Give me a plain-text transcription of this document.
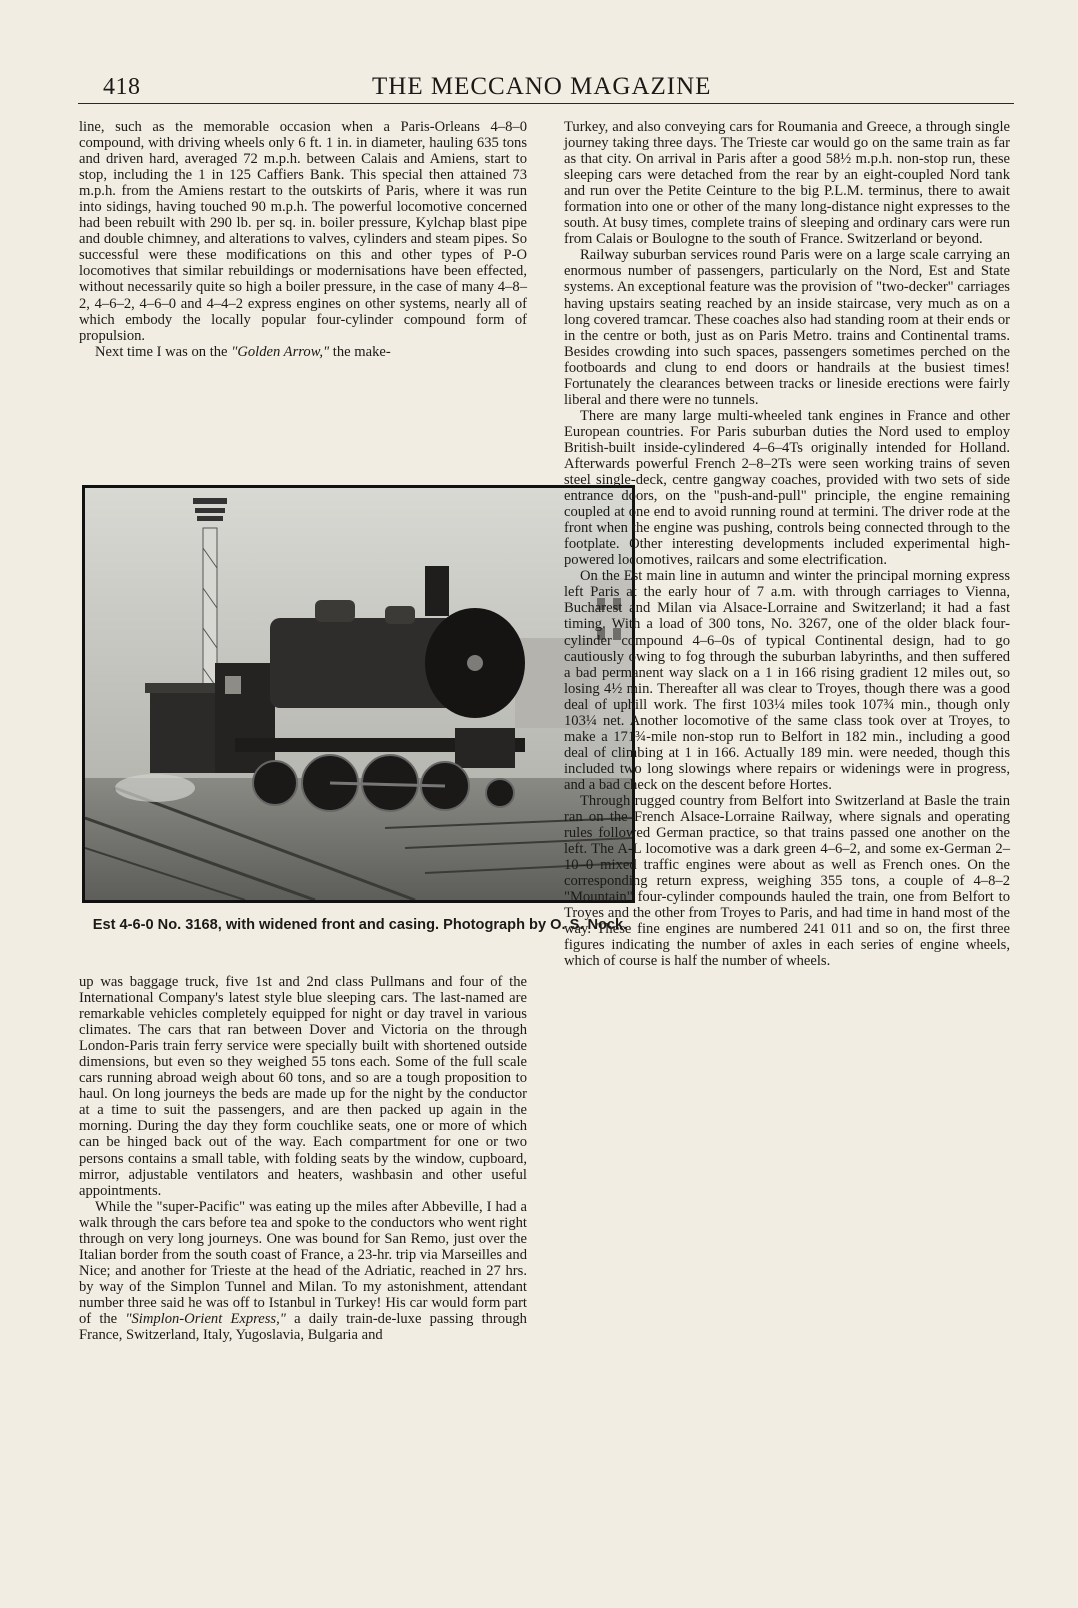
418	THE MECCANO MAGAZINE

line, such as the memorable occasion when a Paris-Orleans 4–8–0 compound, with driving wheels only 6 ft. 1 in. in diameter, hauling 635 tons and driven hard, averaged 72 m.p.h. between Calais and Amiens, start to stop, including the 1 in 125 Caffiers Bank. This special then attained 73 m.p.h. from the Amiens restart to the outskirts of Paris, where it was run into sidings, having touched 90 m.p.h. The powerful locomotive concerned had been rebuilt with 290 lb. per sq. in. boiler pressure, Kylchap blast pipe and double chimney, and alterations to valves, cylinders and steam pipes. So successful were these modifications on this and other types of P-O locomotives that similar rebuildings or modernisations have been effected, without necessarily quite so high a boiler pressure, in the case of many 4–8–2, 4–6–2, 4–6–0 and 4–4–2 express engines on other systems, nearly all of which embody the locally popular four-cylinder compound form of propulsion.

Next time I was on the "Golden Arrow," the make-

Est 4-6-0 No. 3168, with widened front and casing. Photograph by O. S. Nock.

up was baggage truck, five 1st and 2nd class Pullmans and four of the International Company's latest style blue sleeping cars. The last-named are remarkable vehicles completely equipped for night or day travel in various climates. The cars that ran between Dover and Victoria on the through London-Paris train ferry service were specially built with shortened outside dimensions, but even so they weighed 55 tons each. Some of the full scale cars running abroad weigh about 60 tons, and so are a tough proposition to haul. On long journeys the beds are made up for the night by the conductor at a time to suit the passengers, and are then packed up again in the morning. During the day they form couchlike seats, one or more of which can be hinged back out of the way. Each compartment for one or two persons contains a small table, with folding seats by the window, cupboard, mirror, adjustable ventilators and heaters, washbasin and other useful appointments.

While the "super-Pacific" was eating up the miles after Abbeville, I had a walk through the cars before tea and spoke to the conductors who went right through on very long journeys. One was bound for San Remo, just over the Italian border from the south coast of France, a 23-hr. trip via Marseilles and Nice; and another for Trieste at the head of the Adriatic, reached in 27 hrs. by way of the Simplon Tunnel and Milan. To my astonishment, attendant number three said he was off to Istanbul in Turkey! His car would form part of the "Simplon-Orient Express," a daily train-de-luxe passing through France, Switzerland, Italy, Yugoslavia, Bulgaria and

Turkey, and also conveying cars for Roumania and Greece, a through single journey taking three days. The Trieste car would go on the same train as far as that city. On arrival in Paris after a good 58½ m.p.h. non-stop run, these sleeping cars were detached from the rear by an eight-coupled Nord tank and run over the Petite Ceinture to the big P.L.M. terminus, there to await formation into one or other of the many long-distance night expresses to the south. At busy times, complete trains of sleeping and ordinary cars were run from Calais or Boulogne to the south of France. Switzerland or beyond.

Railway suburban services round Paris were on a large scale carrying an enormous number of passengers, particularly on the Nord, Est and State systems. An exceptional feature was the provision of "two-decker" carriages having upstairs seating reached by an inside staircase, very much as on a long covered tramcar. These coaches also had standing room at their ends or in the centre or both, just as on Paris Metro. trains and Continental trams. Besides crowding into such spaces, passengers sometimes perched on the footboards and clung to end doors or handrails at the busiest times! Fortunately the clearances between tracks or lineside erections were fairly liberal and there were no tunnels.

There are many large multi-wheeled tank engines in France and other European countries. For Paris suburban duties the Nord used to employ British-built inside-cylindered 4–6–4Ts originally intended for Holland. Afterwards powerful French 2–8–2Ts were seen working trains of seven steel single-deck, centre gangway coaches, provided with two sets of side entrance doors, on the "push-and-pull" principle, the engine remaining coupled at one end to avoid running round at termini. The driver rode at the front when the engine was pushing, controls being connected through to the footplate. Other interesting developments included experimental high-powered locomotives, railcars and some electrification.

On the Est main line in autumn and winter the principal morning express left Paris at the early hour of 7 a.m. with through carriages to Vienna, Bucharest and Milan via Alsace-Lorraine and Switzerland; it had a fast timing. With a load of 300 tons, No. 3267, one of the older black four-cylinder compound 4–6–0s of typical Continental design, had to go cautiously owing to fog through the suburban labyrinths, and then suffered a bad permanent way slack on a 1 in 166 rising gradient 12 miles out, so losing 4½ min. Thereafter all was clear to Troyes, though there was a good deal of uphill work. The first 103¼ miles took 107¾ min., though only 103¼ net. Another locomotive of the same class took over at Troyes, to make a 171¾-mile non-stop run to Belfort in 182 min., including a good deal of climbing at 1 in 166. Actually 189 min. were needed, though this included two long slowings where repairs or widenings were in progress, and a bad check on the descent before Hortes.

Through rugged country from Belfort into Switzerland at Basle the train ran on the French Alsace-Lorraine Railway, where signals and operating rules followed German practice, so that trains passed one another on the left. The A-L locomotive was a dark green 4–6–2, and some ex-German 2–10–0 mixed traffic engines were about as well as French ones. On the corresponding return express, weighing 355 tons, a couple of 4–8–2 "Mountain" four-cylinder compounds hauled the train, one from Belfort to Troyes and the other from Troyes to Paris, and had time in hand most of the way. These fine engines are numbered 241 011 and so on, the first three figures indicating the number of axles in each series of engine wheels, which of course is half the number of wheels.
